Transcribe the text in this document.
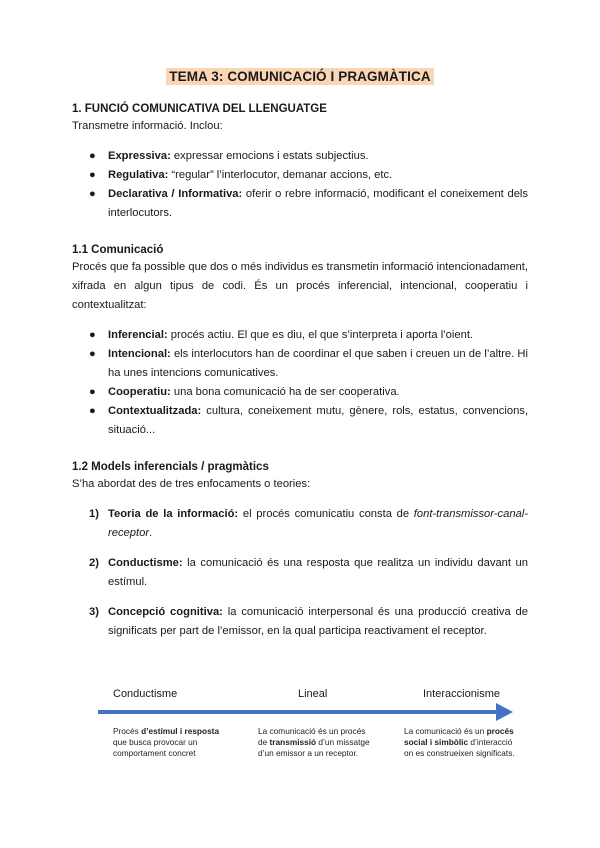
TEMA 3: COMUNICACIÓ I PRAGMÀTICA

1. FUNCIÓ COMUNICATIVA DEL LLENGUATGE

Transmetre informació. Inclou:

● Expressiva: expressar emocions i estats subjectius.
● Regulativa: “regular” l’interlocutor, demanar accions, etc.
● Declarativa / Informativa: oferir o rebre informació, modificant el coneixement dels interlocutors.

1.1 Comunicació

Procés que fa possible que dos o més individus es transmetin informació intencionadament, xifrada en algun tipus de codi. És un procés inferencial, intencional, cooperatiu i contextualitzat:

● Inferencial: procés actiu. El que es diu, el que s’interpreta i aporta l’oient.
● Intencional: els interlocutors han de coordinar el que saben i creuen un de l’altre. Hi ha unes intencions comunicatives.
● Cooperatiu: una bona comunicació ha de ser cooperativa.
● Contextualitzada: cultura, coneixement mutu, gènere, rols, estatus, convencions, situació...

1.2 Models inferencials / pragmàtics

S’ha abordat des de tres enfocaments o teories:

1) Teoria de la informació: el procés comunicatiu consta de font-transmissor-canal-receptor.
2) Conductisme: la comunicació és una resposta que realitza un individu davant un estímul.
3) Concepció cognitiva: la comunicació interpersonal és una producció creativa de significats per part de l’emissor, en la qual participa reactivament el receptor.
Conductisme	Lineal	Interaccionisme
Procés d’estímul i resposta que busca provocar un comportament concret
La comunicació és un procés de transmissió d’un missatge d’un emissor a un receptor.
La comunicació és un procés social i simbòlic d’interacció on es construeixen significats.
